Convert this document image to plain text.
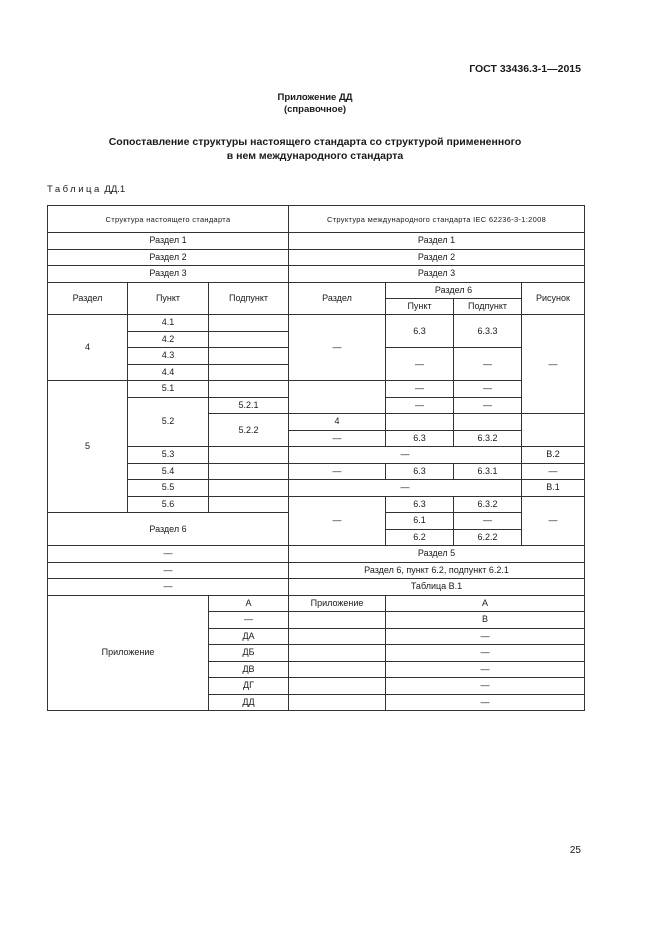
ГОСТ 33436.3-1—2015
Приложение ДД
(справочное)
Сопоставление структуры настоящего стандарта со структурой примененного
в нем международного стандарта
Таблица ДД.1
Структура настоящего стандарта			Структура международного стандарта IEC 62236-3-1:2008			
Раздел 1			Раздел 1			
Раздел 2			Раздел 2			
Раздел 3			Раздел 3			
Раздел	Пункт	Подпункт	Раздел	Раздел 6		Рисунок
				Пункт	Подпункт	
4	4.1		—	6.3	6.3.3	—
	4.2					
	4.3			—	—	
	4.4					
5	5.1			—	—	
	5.2	5.2.1		—	—	
		5.2.2	4			
			—	6.3	6.3.2	
	5.3		—			B.2
	5.4		—	6.3	6.3.1	—
	5.5		—			B.1
	5.6		—	6.3	6.3.2	—
Раздел 6				6.1	—	
				6.2	6.2.2	
—			Раздел 5			
—			Раздел 6, пункт 6.2, подпункт 6.2.1			
—			Таблица B.1			
Приложение		A	Приложение	A		
		—		B		
		ДА		—		
		ДБ		—		
		ДВ		—		
		ДГ		—		
		ДД		—		
25
